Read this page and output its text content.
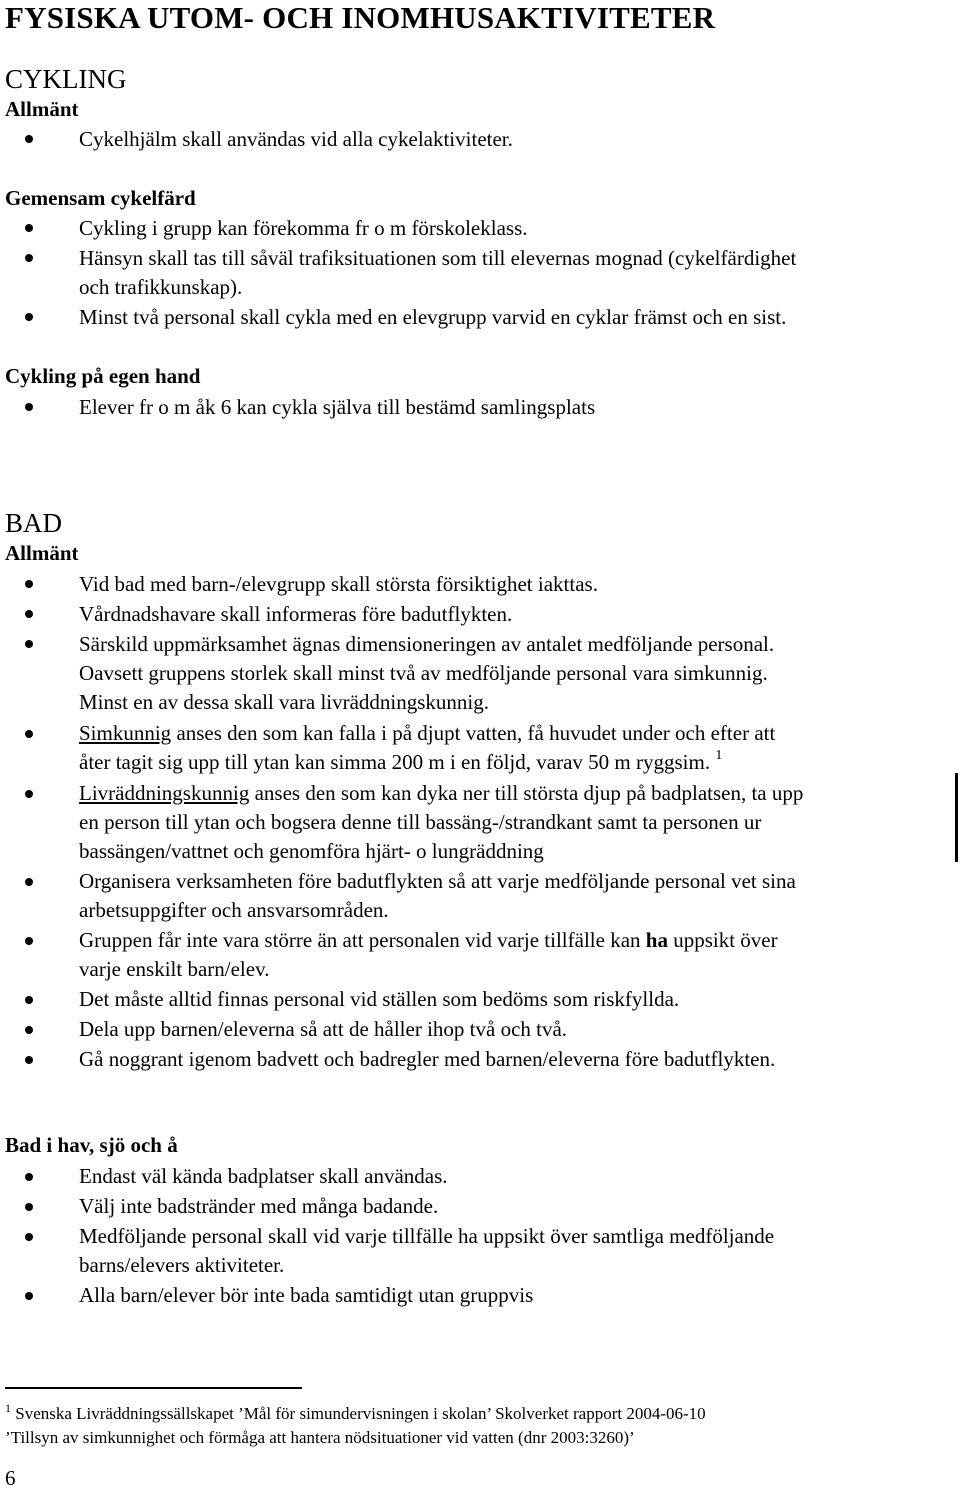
FYSISKA UTOM- OCH INOMHUSAKTIVITETER
CYKLING
Allmänt
Cykelhjälm skall användas vid alla cykelaktiviteter.
Gemensam cykelfärd
Cykling i grupp kan förekomma fr o m förskoleklass.
Hänsyn skall tas till såväl trafiksituationen som till elevernas mognad (cykelfärdighet
och trafikkunskap).
Minst två personal skall cykla med en elevgrupp varvid en cyklar främst och en sist.
Cykling på egen hand
Elever fr o m åk 6 kan cykla själva till bestämd samlingsplats
BAD
Allmänt
Vid bad med barn-/elevgrupp skall största försiktighet iakttas.
Vårdnadshavare skall informeras före badutflykten.
Särskild uppmärksamhet ägnas dimensioneringen av antalet medföljande personal.
Oavsett gruppens storlek skall minst två av medföljande personal vara simkunnig.
Minst en av dessa skall vara livräddningskunnig.
Simkunnig anses den som kan falla i på djupt vatten, få huvudet under och efter att
åter tagit sig upp till ytan kan simma 200 m i en följd, varav 50 m ryggsim. $^1$
Livräddningskunnig anses den som kan dyka ner till största djup på badplatsen, ta upp
en person till ytan och bogsera denne till bassäng-/strandkant samt ta personen ur
bassängen/vattnet och genomföra hjärt- o lungräddning
Organisera verksamheten före badutflykten så att varje medföljande personal vet sina
arbetsuppgifter och ansvarsområden.
Gruppen får inte vara större än att personalen vid varje tillfälle kan ha uppsikt över
varje enskilt barn/elev.
Det måste alltid finnas personal vid ställen som bedöms som riskfyllda.
Dela upp barnen/eleverna så att de håller ihop två och två.
Gå noggrant igenom badvett och badregler med barnen/eleverna före badutflykten.
Bad i hav, sjö och å
Endast väl kända badplatser skall användas.
Välj inte badstränder med många badande.
Medföljande personal skall vid varje tillfälle ha uppsikt över samtliga medföljande
barns/elevers aktiviteter.
Alla barn/elever bör inte bada samtidigt utan gruppvis
$^1$ Svenska Livräddningssällskapet ’Mål för simundervisningen i skolan’ Skolverket rapport 2004-06-10
’Tillsyn av simkunnighet och förmåga att hantera nödsituationer vid vatten (dnr 2003:3260)’
6
